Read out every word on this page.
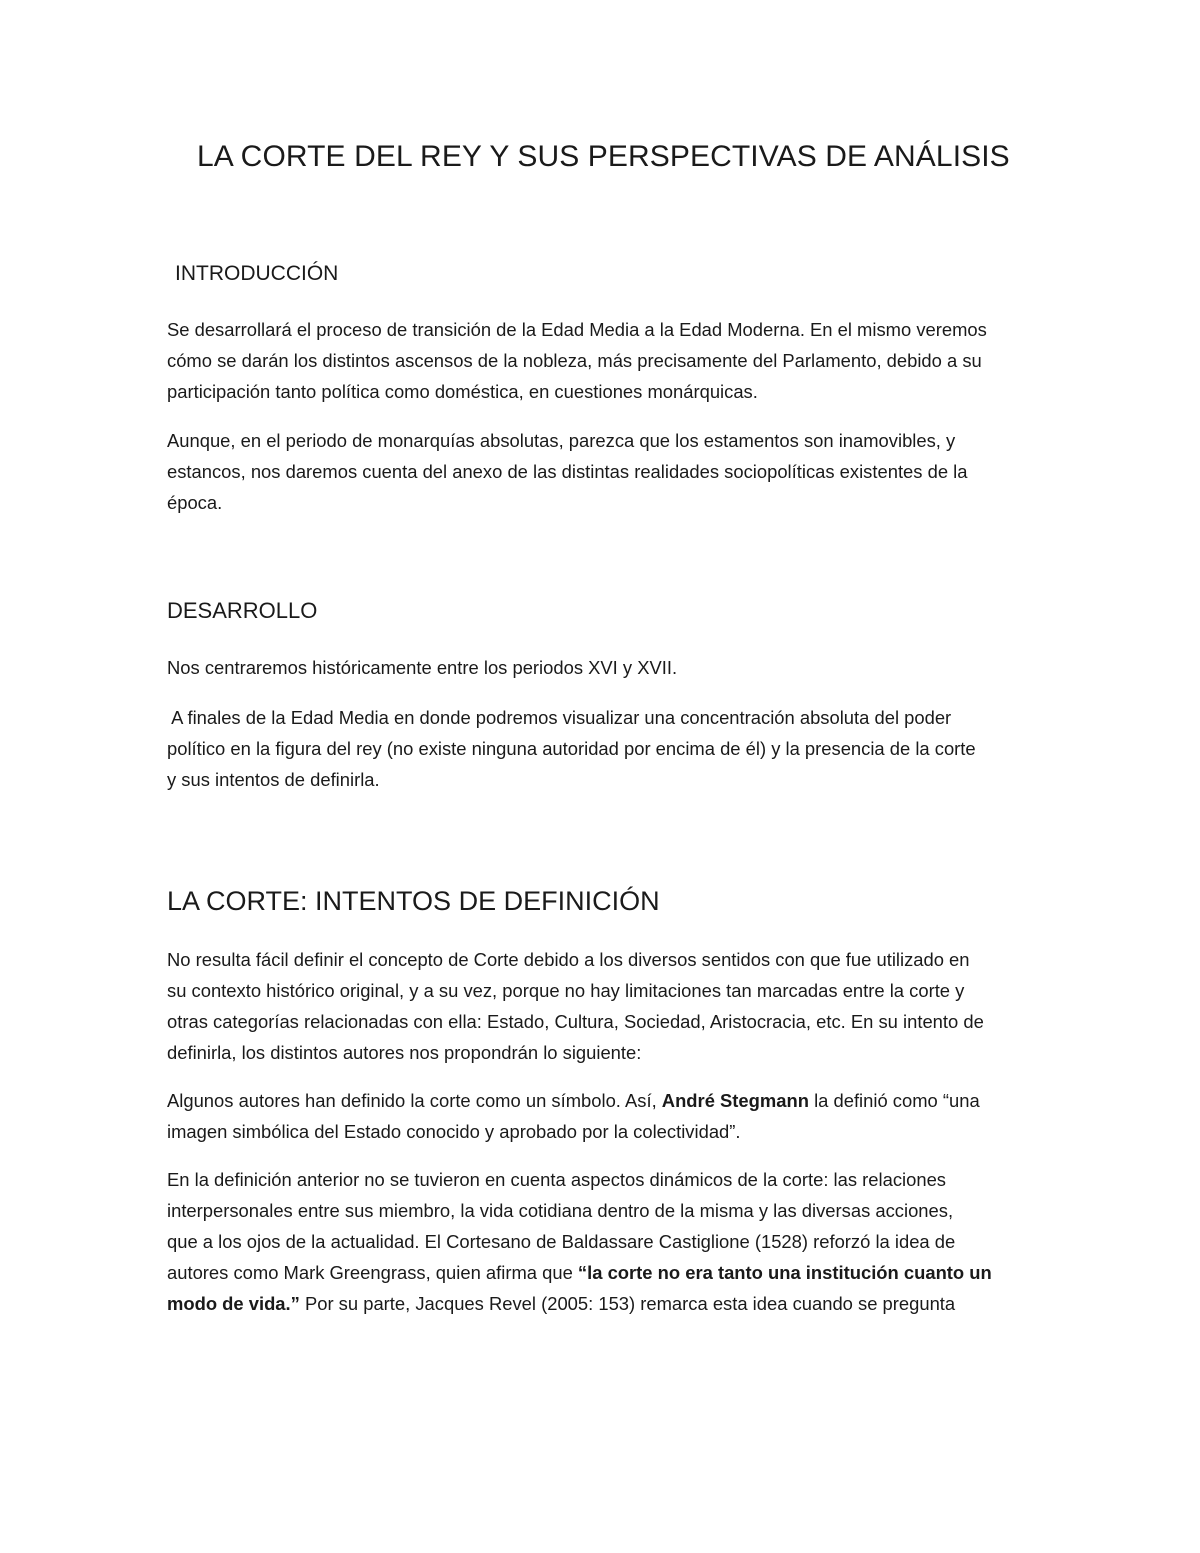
LA CORTE DEL REY Y SUS PERSPECTIVAS DE ANÁLISIS
INTRODUCCIÓN

Se desarrollará el proceso de transición de la Edad Media a la Edad Moderna. En el mismo veremos
cómo se darán los distintos ascensos de la nobleza, más precisamente del Parlamento, debido a su
participación tanto política como doméstica, en cuestiones monárquicas.

Aunque, en el periodo de monarquías absolutas, parezca que los estamentos son inamovibles, y
estancos, nos daremos cuenta del anexo de las distintas realidades sociopolíticas existentes de la
época.

DESARROLLO

Nos centraremos históricamente entre los periodos XVI y XVII.

A finales de la Edad Media en donde podremos visualizar una concentración absoluta del poder
político en la figura del rey (no existe ninguna autoridad por encima de él) y la presencia de la corte
y sus intentos de definirla.

LA CORTE: INTENTOS DE DEFINICIÓN

No resulta fácil definir el concepto de Corte debido a los diversos sentidos con que fue utilizado en
su contexto histórico original, y a su vez, porque no hay limitaciones tan marcadas entre la corte y
otras categorías relacionadas con ella: Estado, Cultura, Sociedad, Aristocracia, etc. En su intento de
definirla, los distintos autores nos propondrán lo siguiente:

Algunos autores han definido la corte como un símbolo. Así, André Stegmann la definió como “una
imagen simbólica del Estado conocido y aprobado por la colectividad”.

En la definición anterior no se tuvieron en cuenta aspectos dinámicos de la corte: las relaciones
interpersonales entre sus miembro, la vida cotidiana dentro de la misma y las diversas acciones,
que a los ojos de la actualidad. El Cortesano de Baldassare Castiglione (1528) reforzó la idea de
autores como Mark Greengrass, quien afirma que “la corte no era tanto una institución cuanto un
modo de vida.” Por su parte, Jacques Revel (2005: 153) remarca esta idea cuando se pregunta
